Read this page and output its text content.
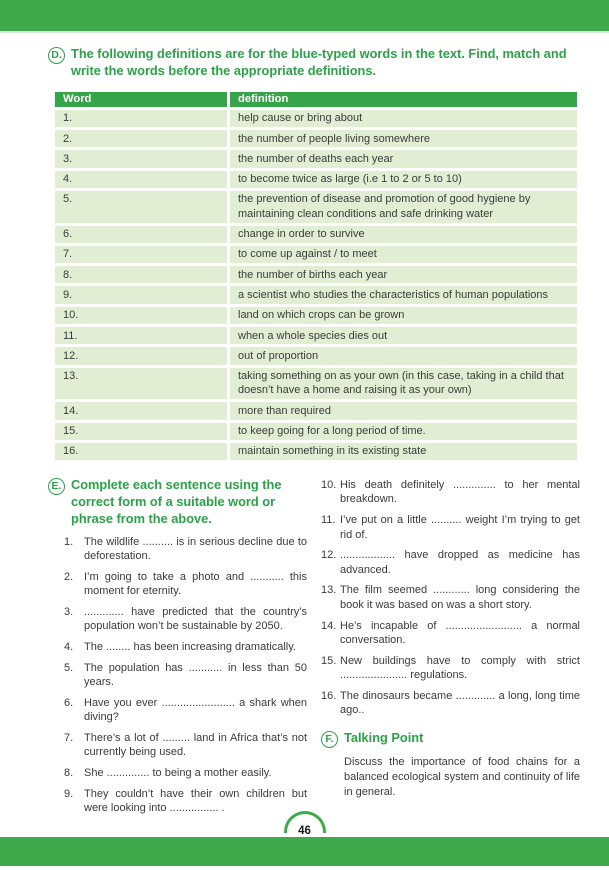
D. The following definitions are for the blue-typed words in the text. Find, match and write the words before the appropriate definitions.
Word	definition
1.	help cause or bring about
2.	the number of people living somewhere
3.	the number of deaths each year
4.	to become twice as large (i.e 1 to 2 or 5 to 10)
5.	the prevention of disease and promotion of good hygiene by maintaining clean conditions and safe drinking water
6.	change in order to survive
7.	to come up against / to meet
8.	the number of births each year
9.	a scientist who studies the characteristics of human populations
10.	land on which crops can be grown
11.	when a whole species dies out
12.	out of proportion
13.	taking something on as your own (in this case, taking in a child that doesn’t have a home and raising it as your own)
14.	more than required
15.	to keep going for a long period of time.
16.	maintain something in its existing state
E. Complete each sentence using the correct form of a suitable word or phrase from the above.
1. The wildlife .......... is in serious decline due to deforestation.
2. I’m going to take a photo and ........... this moment for eternity.
3. ............. have predicted that the country’s population won’t be sustainable by 2050.
4. The ........ has been increasing dramatically.
5. The population has ........... in less than 50 years.
6. Have you ever ........................ a shark when diving?
7. There’s a lot of ......... land in Africa that’s not currently being used.
8. She .............. to being a mother easily.
9. They couldn’t have their own children but were looking into ................ .
10. His death definitely .............. to her mental breakdown.
11. I’ve put on a little .......... weight I’m trying to get rid of.
12. .................. have dropped as medicine has advanced.
13. The film seemed ............ long considering the book it was based on was a short story.
14. He’s incapable of ......................... a normal conversation.
15. New buildings have to comply with strict ...................... regulations.
16. The dinosaurs became ............. a long, long time ago..
F. Talking Point
Discuss the importance of food chains for a balanced ecological system and continuity of life in general.
46
